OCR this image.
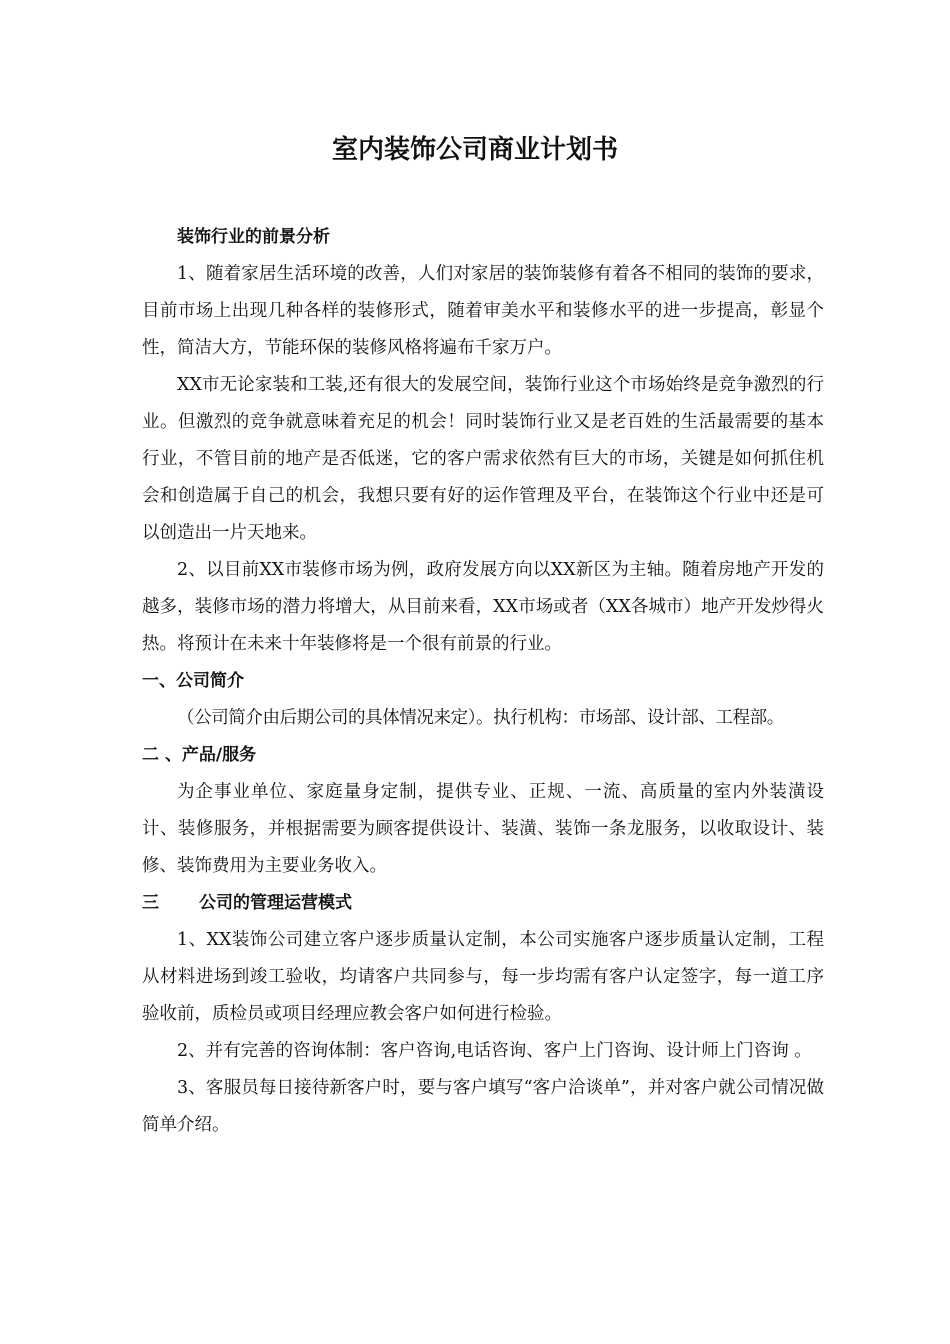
室内装饰公司商业计划书

装饰行业的前景分析

1、随着家居生活环境的改善，人们对家居的装饰装修有着各不相同的装饰的要求，目前市场上出现几种各样的装修形式，随着审美水平和装修水平的进一步提高，彰显个性，简洁大方，节能环保的装修风格将遍布千家万户。

XX市无论家装和工装,还有很大的发展空间，装饰行业这个市场始终是竞争激烈的行业。但激烈的竞争就意味着充足的机会！同时装饰行业又是老百姓的生活最需要的基本行业，不管目前的地产是否低迷，它的客户需求依然有巨大的市场，关键是如何抓住机会和创造属于自己的机会，我想只要有好的运作管理及平台，在装饰这个行业中还是可以创造出一片天地来。

2、以目前XX市装修市场为例，政府发展方向以XX新区为主轴。随着房地产开发的越多，装修市场的潜力将增大，从目前来看，XX市场或者（XX各城市）地产开发炒得火热。将预计在未来十年装修将是一个很有前景的行业。

一、公司简介

（公司简介由后期公司的具体情况来定）。执行机构：市场部、设计部、工程部。

二 、产品/服务

为企事业单位、家庭量身定制，提供专业、正规、一流、高质量的室内外装潢设计、装修服务，并根据需要为顾客提供设计、装潢、装饰一条龙服务，以收取设计、装修、装饰费用为主要业务收入。

三 公司的管理运营模式

1、XX装饰公司建立客户逐步质量认定制，本公司实施客户逐步质量认定制，工程从材料进场到竣工验收，均请客户共同参与，每一步均需有客户认定签字，每一道工序验收前，质检员或项目经理应教会客户如何进行检验。

2、并有完善的咨询体制：客户咨询,电话咨询、客户上门咨询、设计师上门咨询 。

3、客服员每日接待新客户时，要与客户填写“客户洽谈单”，并对客户就公司情况做简单介绍。
